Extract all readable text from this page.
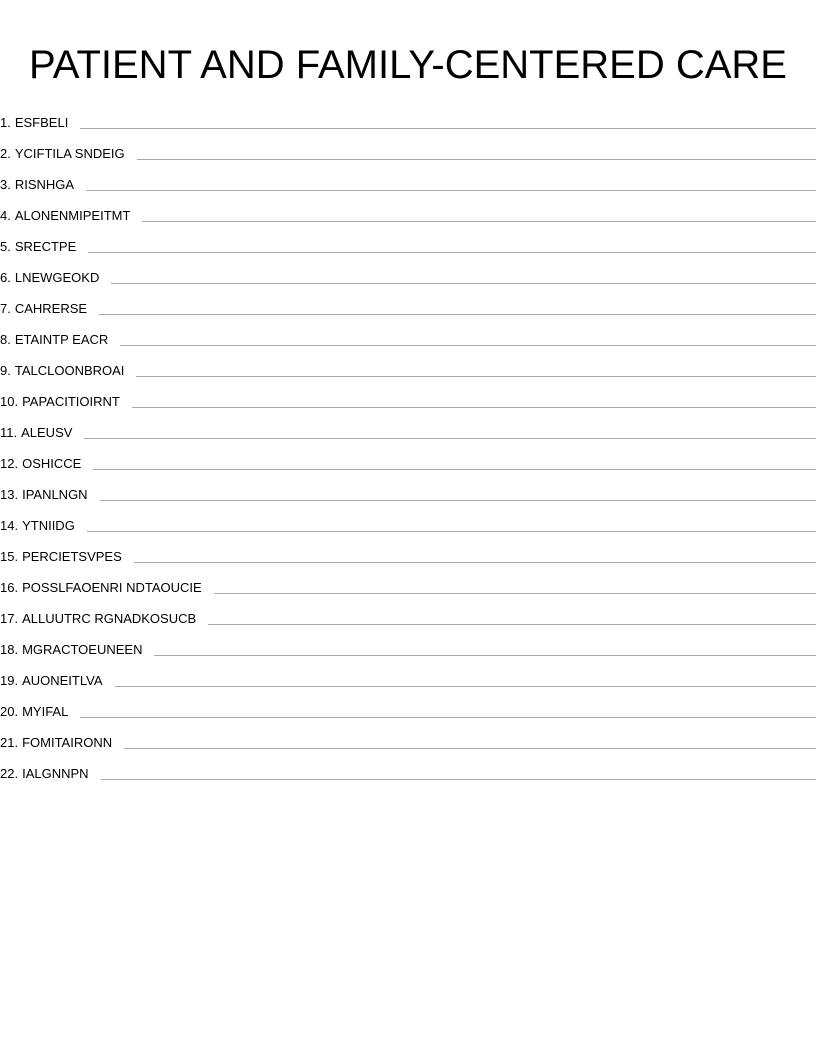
PATIENT AND FAMILY-CENTERED CARE
1. ESFBELI
2. YCIFTILA SNDEIG
3. RISNHGA
4. ALONENMIPEITMT
5. SRECTPE
6. LNEWGEOKD
7. CAHRERSE
8. ETAINTP EACR
9. TALCLOONBROAI
10. PAPACITIOIRNT
11. ALEUSV
12. OSHICCE
13. IPANLNGN
14. YTNIIDG
15. PERCIETSVPES
16. POSSLFAOENRI NDTAOUCIE
17. ALLUUTRC RGNADKOSUCB
18. MGRACTOEUNEEN
19. AUONEITLVA
20. MYIFAL
21. FOMITAIRONN
22. IALGNNPN
